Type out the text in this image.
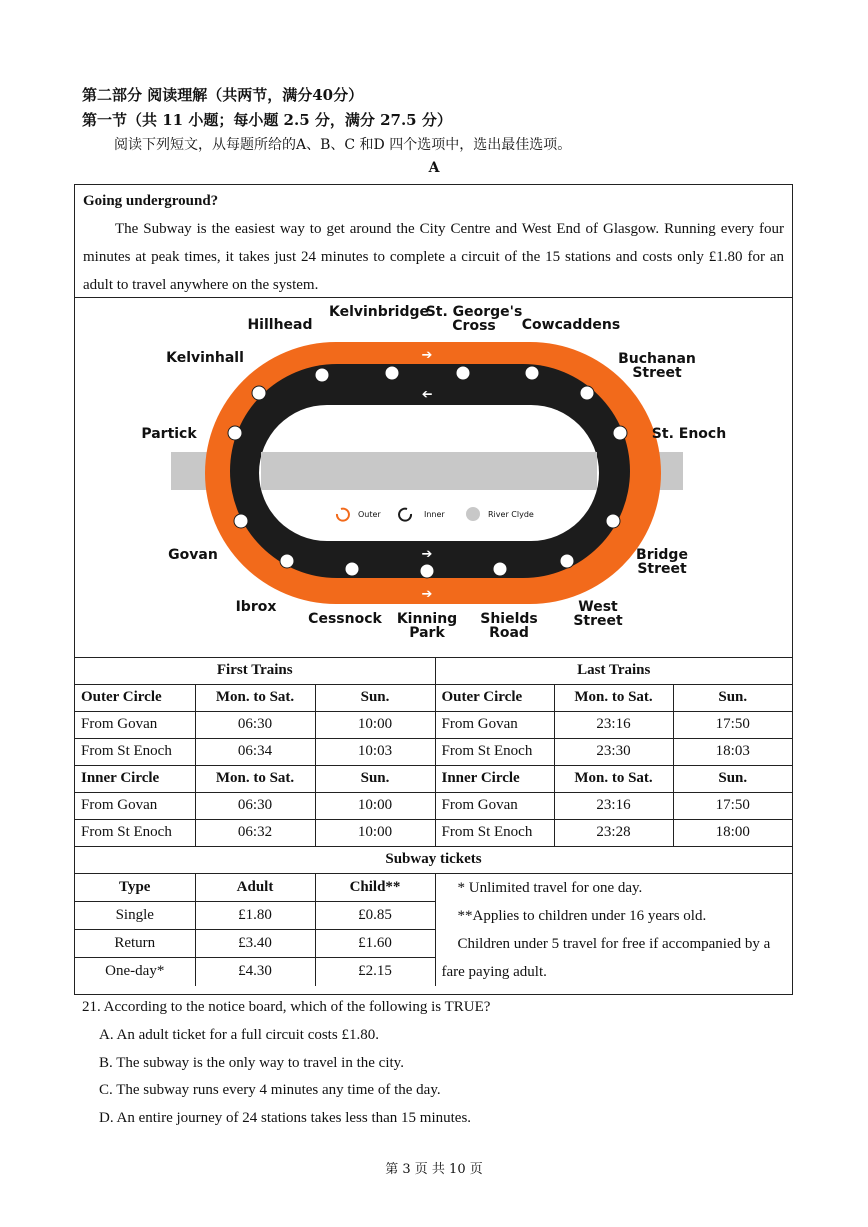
第二部分 阅读理解（共两节，满分40分）
第一节（共 11 小题；每小题 2.5 分，满分 27.5 分）
阅读下列短文，从每题所给的A、B、C 和D 四个选项中，选出最佳选项。
A
Going underground?
The Subway is the easiest way to get around the City Centre and West End of Glasgow. Running every four minutes at peak times, it takes just 24 minutes to complete a circuit of the 15 stations and costs only £1.80 for an adult to travel anywhere on the system.
➔
➔
➔
➔
Outer	Inner	River Clyde
Hillhead
Kelvinbridge
St. George's
Cross Cowcaddens
Kelvinhall	Buchanan
Street
Partick	St. Enoch
Govan	Bridge
Street
Ibrox
Cessnock Kinning
Park
Shields
Road
West
Street
First Trains			Last Trains		
Outer Circle	Mon. to Sat.	Sun.	Outer Circle	Mon. to Sat.	Sun.
From Govan	06:30	10:00	From Govan	23:16	17:50
From St Enoch	06:34	10:03	From St Enoch	23:30	18:03
Inner Circle	Mon. to Sat.	Sun.	Inner Circle	Mon. to Sat.	Sun.
From Govan	06:30	10:00	From Govan	23:16	17:50
From St Enoch	06:32	10:00	From St Enoch	23:28	18:00
Subway tickets					
Type	Adult	Child**	* Unlimited travel for one day.
**Applies to children under 16 years old.
Children under 5 travel for free if accompanied by a fare paying adult.		

Single	£1.80	£0.85			
Return	£3.40	£1.60			
One-day*	£4.30	£2.15			
21. According to the notice board, which of the following is TRUE?
A. An adult ticket for a full circuit costs £1.80.
B. The subway is the only way to travel in the city.
C. The subway runs every 4 minutes any time of the day.
D. An entire journey of 24 stations takes less than 15 minutes.
第 3 页 共 10 页
